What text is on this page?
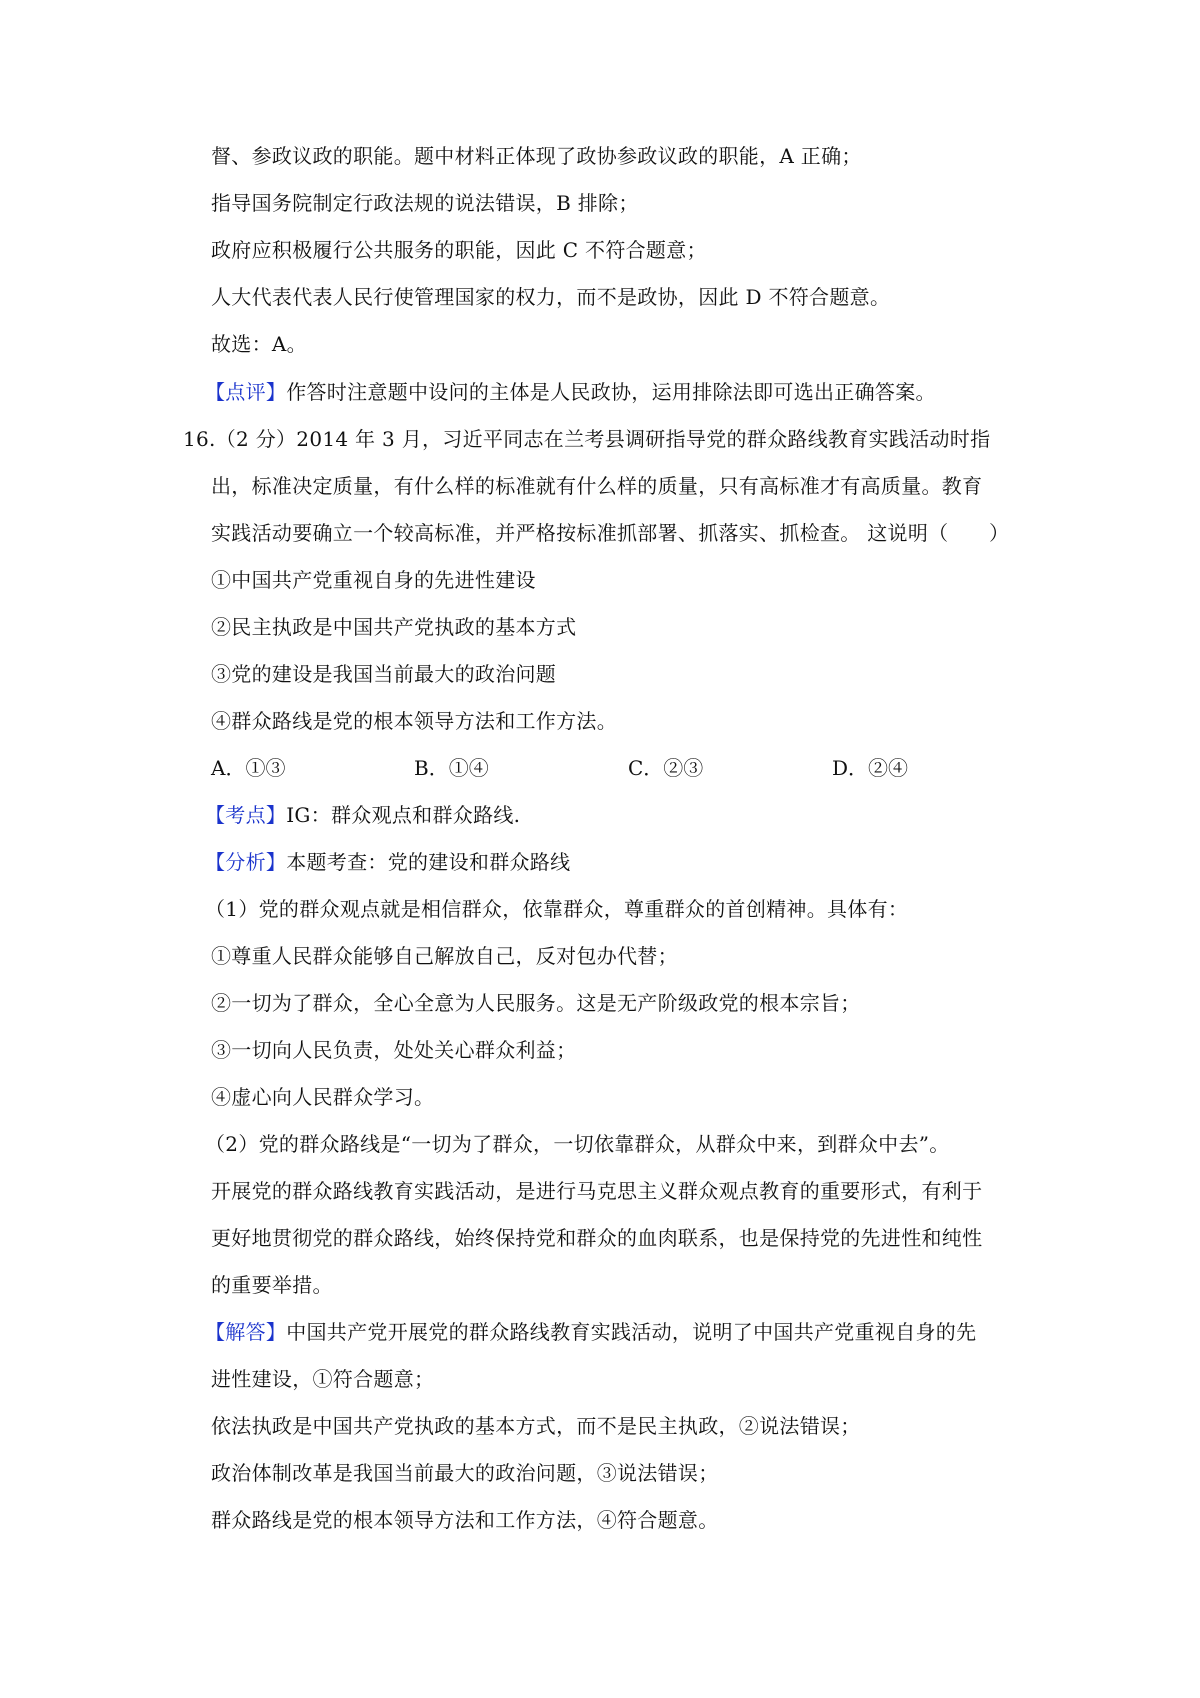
督、参政议政的职能。题中材料正体现了政协参政议政的职能，A 正确；
指导国务院制定行政法规的说法错误，B 排除；
政府应积极履行公共服务的职能，因此 C 不符合题意；
人大代表代表人民行使管理国家的权力，而不是政协，因此 D 不符合题意。
故选：A。
【点评】作答时注意题中设问的主体是人民政协，运用排除法即可选出正确答案。
16.（2 分）2014 年 3 月，习近平同志在兰考县调研指导党的群众路线教育实践活动时指
出，标准决定质量，有什么样的标准就有什么样的质量，只有高标准才有高质量。教育
实践活动要确立一个较高标准，并严格按标准抓部署、抓落实、抓检查。 这说明（　　）
①中国共产党重视自身的先进性建设
②民主执政是中国共产党执政的基本方式
③党的建设是我国当前最大的政治问题
④群众路线是党的根本领导方法和工作方法。
A．①③	B．①④	C．②③	D．②④
【考点】IG：群众观点和群众路线.
【分析】本题考查：党的建设和群众路线
（1）党的群众观点就是相信群众，依靠群众，尊重群众的首创精神。具体有：
①尊重人民群众能够自己解放自己，反对包办代替；
②一切为了群众，全心全意为人民服务。这是无产阶级政党的根本宗旨；
③一切向人民负责，处处关心群众利益；
④虚心向人民群众学习。
（2）党的群众路线是“一切为了群众，一切依靠群众，从群众中来，到群众中去”。
开展党的群众路线教育实践活动，是进行马克思主义群众观点教育的重要形式，有利于
更好地贯彻党的群众路线，始终保持党和群众的血肉联系，也是保持党的先进性和纯性
的重要举措。
【解答】中国共产党开展党的群众路线教育实践活动，说明了中国共产党重视自身的先
进性建设，①符合题意；
依法执政是中国共产党执政的基本方式，而不是民主执政，②说法错误；
政治体制改革是我国当前最大的政治问题，③说法错误；
群众路线是党的根本领导方法和工作方法，④符合题意。
